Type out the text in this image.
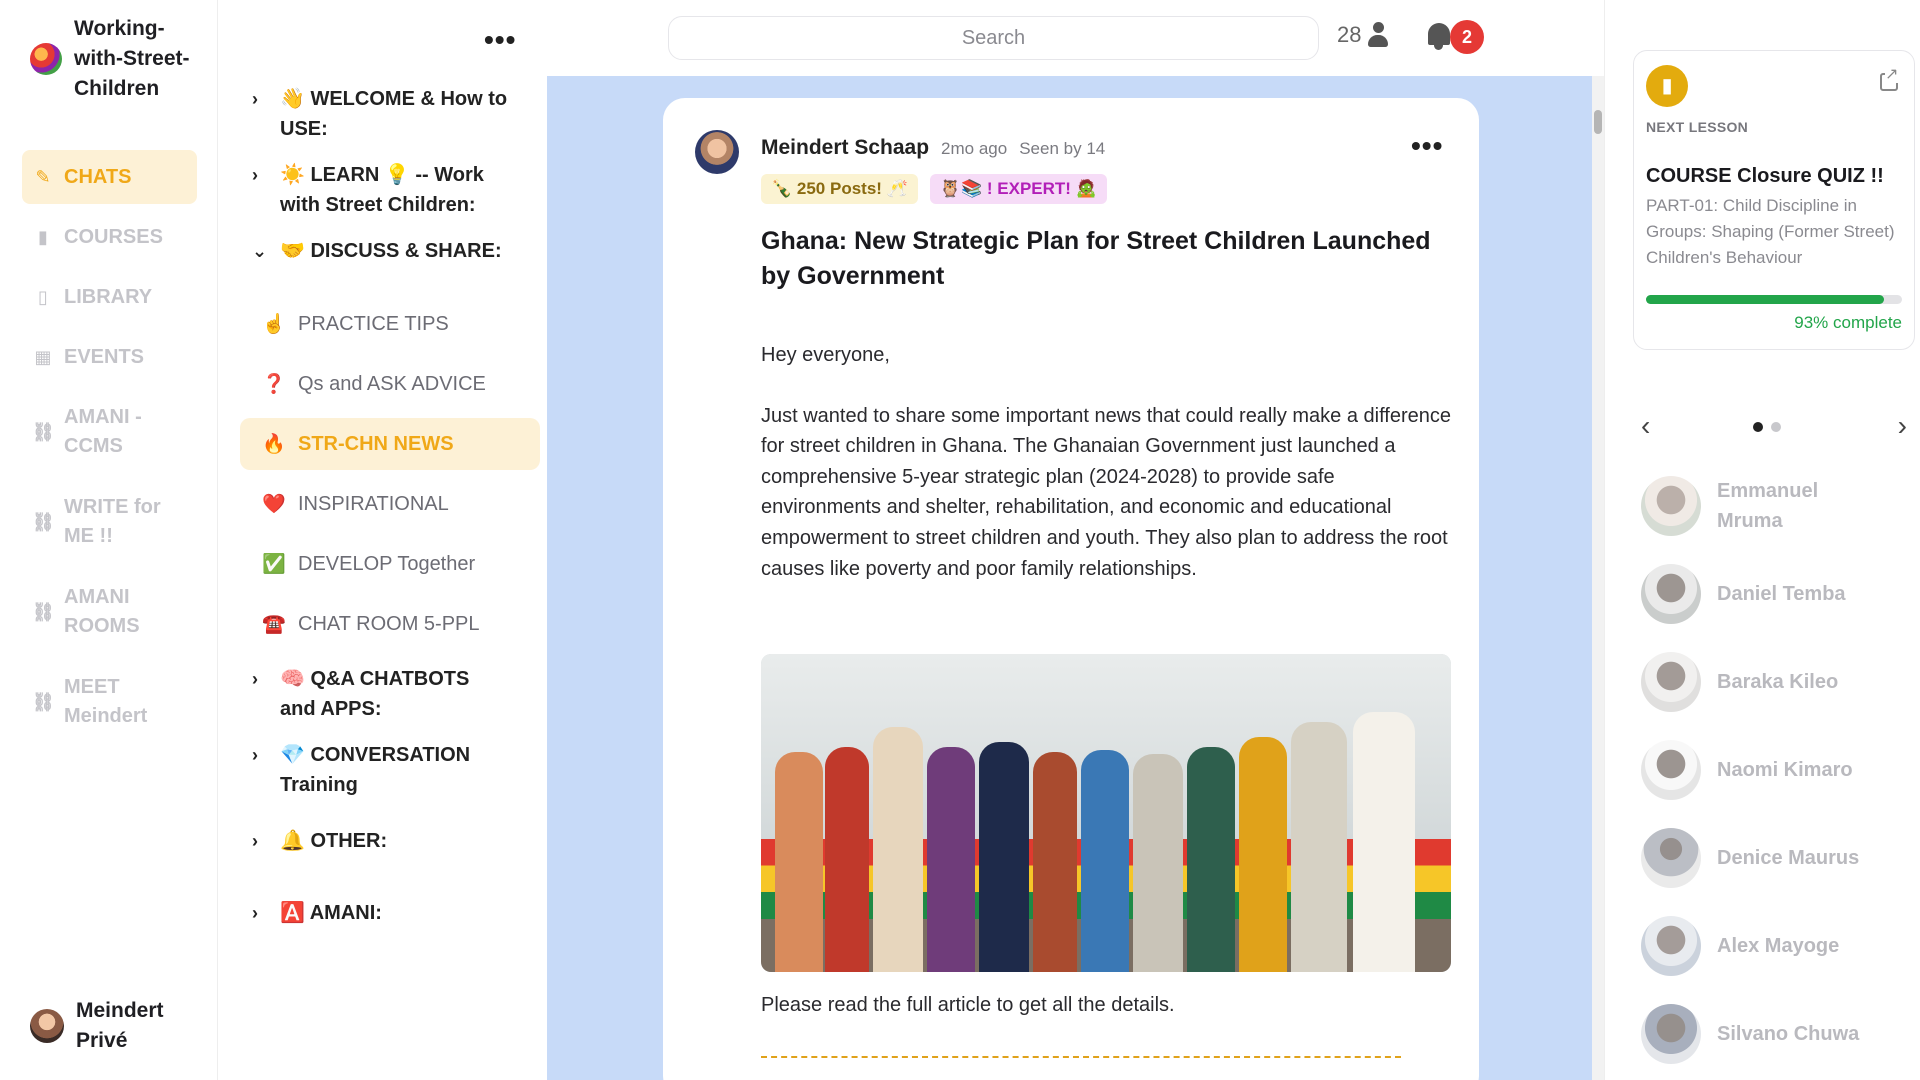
Working-with-Street-Children
✎ CHATS
▮ COURSES
▯ LIBRARY
▦ EVENTS
⛓
AMANI - CCMS
⛓
WRITE for ME !!
⛓
AMANI ROOMS
⛓
MEET Meindert
Meindert Privé
•••
›	👋 WELCOME & How to USE:
›	☀️ LEARN 💡 -- Work with Street Children:
⌄ 🤝 DISCUSS & SHARE:
☝️ PRACTICE TIPS
❓ Qs and ASK ADVICE
🔥 STR-CHN NEWS
❤️ INSPIRATIONAL
✅ DEVELOP Together
☎️ CHAT ROOM 5-PPL
›	🧠 Q&A CHATBOTS and APPS:
›	💎 CONVERSATION Training
›	🔔 OTHER:
›	🅰️ AMANI:
Search	28	2
Meindert Schaap 2mo ago Seen by 14	•••
🍾 250 Posts! 🥂	🦉📚 ! EXPERT! 🧟
Ghana: New Strategic Plan for Street Children Launched by Government

Hey everyone,

Just wanted to share some important news that could really make a difference for street children in Ghana. The Ghanaian Government just launched a comprehensive 5-year strategic plan (2024-2028) to provide safe environments and shelter, rehabilitation, and economic and educational empowerment to street children and youth. They also plan to address the root causes like poverty and poor family relationships.

Please read the full article to get all the details.

▮
↗
NEXT LESSON
COURSE Closure QUIZ !!
PART-01: Child Discipline in Groups: Shaping (Former Street) Children's Behaviour
93% complete
‹	›
Emmanuel Mruma
Daniel Temba
Baraka Kileo
Naomi Kimaro
Denice Maurus
Alex Mayoge
Silvano Chuwa
